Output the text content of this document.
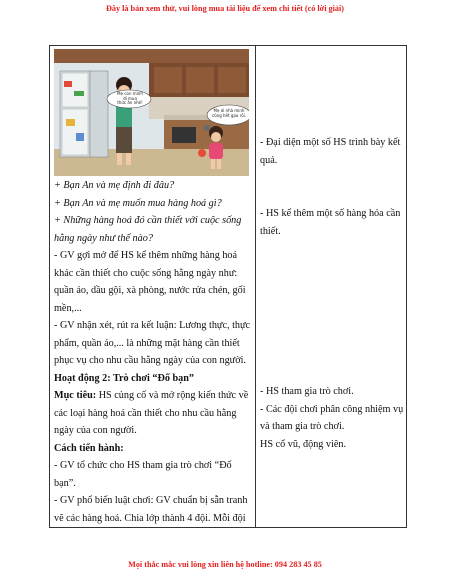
Đây là bản xem thử, vui lòng mua tài liệu để xem chi tiết (có lời giải)
Mẹ con mình
đi mua
thức ăn nhé!
Mẹ ơi nhà mình
cũng hết gạo rồi.

+ Bạn An và mẹ định đi đâu?

+ Bạn An và mẹ muốn mua hàng hoá gì?

+ Những hàng hoá đó cần thiết với cuộc sống hằng ngày như thế nào?

- GV gợi mở để HS kể thêm những hàng hoá khác cần thiết cho cuộc sống hằng ngày như: quần áo, dầu gội, xà phòng, nước rửa chén, gối mền,...

- GV nhận xét, rút ra kết luận: Lương thực, thực phẩm, quần áo,... là những mặt hàng cần thiết phục vụ cho nhu cầu hằng ngày của con người.

Hoạt động 2: Trò chơi “Đố bạn”

Mục tiêu: HS củng cố và mở rộng kiến thức về các loại hàng hoá cần thiết cho nhu cầu hằng ngày của con người.

Cách tiến hành:

- GV tổ chức cho HS tham gia trò chơi “Đố bạn”.

- GV phổ biến luật chơi: GV chuẩn bị sẵn tranh vẽ các hàng hoá. Chia lớp thành 4 đội. Mỗi đội

- Đại diện một số HS trình bày kết quả.

- HS kể thêm một số hàng hóa cần thiết.

- HS tham gia trò chơi.

- Các đội chơi phân công nhiệm vụ và tham gia trò chơi.

HS cổ vũ, động viên.

Mọi thắc mắc vui lòng xin liên hệ hotline: 094 283 45 85
